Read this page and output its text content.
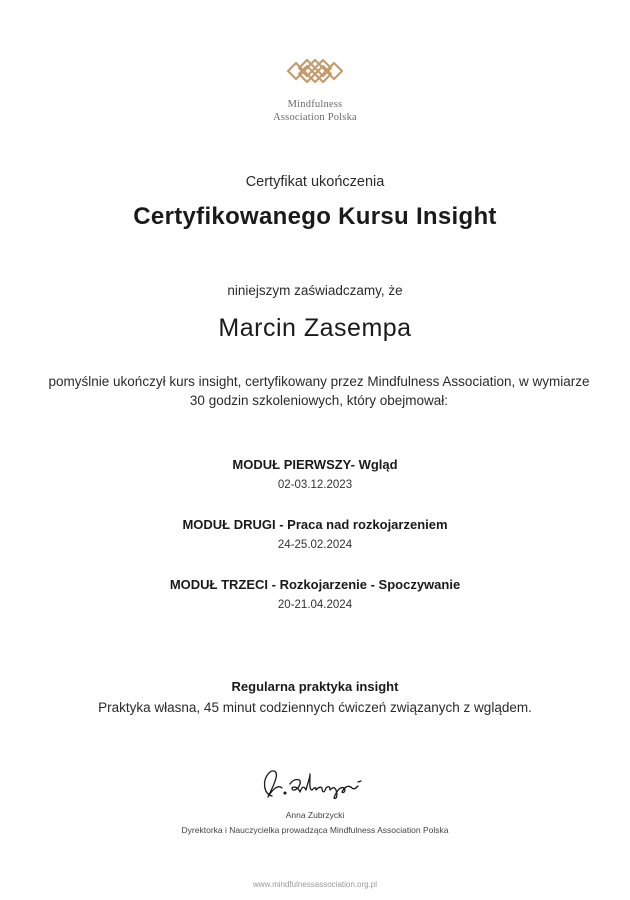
Mindfulness
Association Polska
Certyfikat ukończenia
Certyfikowanego Kursu Insight
niniejszym zaświadczamy, że
Marcin Zasempa
pomyślnie ukończył kurs insight, certyfikowany przez Mindfulness Association, w wymiarze 30 godzin szkoleniowych, który obejmował:
MODUŁ PIERWSZY- Wgląd
02-03.12.2023
MODUŁ DRUGI - Praca nad rozkojarzeniem
24-25.02.2024
MODUŁ TRZECI - Rozkojarzenie - Spoczywanie
20-21.04.2024
Regularna praktyka insight
Praktyka własna, 45 minut codziennych ćwiczeń związanych z wglądem.
Anna Zubrzycki
Dyrektorka i Nauczycielka prowadząca Mindfulness Association Polska
www.mindfulnessassociation.org.pl
